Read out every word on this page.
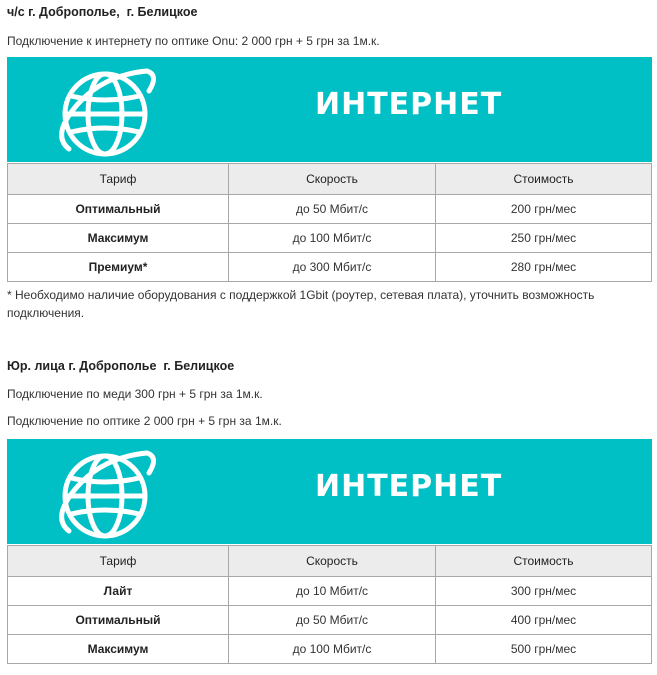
ч/с г. Доброполье,  г. Белицкое
Подключение к интернету по оптике Onu: 2 000 грн + 5 грн за 1м.к.
ИНТЕРНЕТ
Тариф	Скорость	Стоимость
Оптимальный	до 50 Мбит/с	200 грн/мес
Максимум	до 100 Мбит/с	250 грн/мес
Премиум*	до 300 Мбит/с	280 грн/мес
* Необходимо наличие оборудования с поддержкой 1Gbit (роутер, сетевая плата), уточнить возможность подключения.
Юр. лица г. Доброполье  г. Белицкое
Подключение по меди 300 грн + 5 грн за 1м.к.
Подключение по оптике 2 000 грн + 5 грн за 1м.к.
ИНТЕРНЕТ
Тариф	Скорость	Стоимость
Лайт	до 10 Мбит/с	300 грн/мес
Оптимальный	до 50 Мбит/с	400 грн/мес
Максимум	до 100 Мбит/с	500 грн/мес
